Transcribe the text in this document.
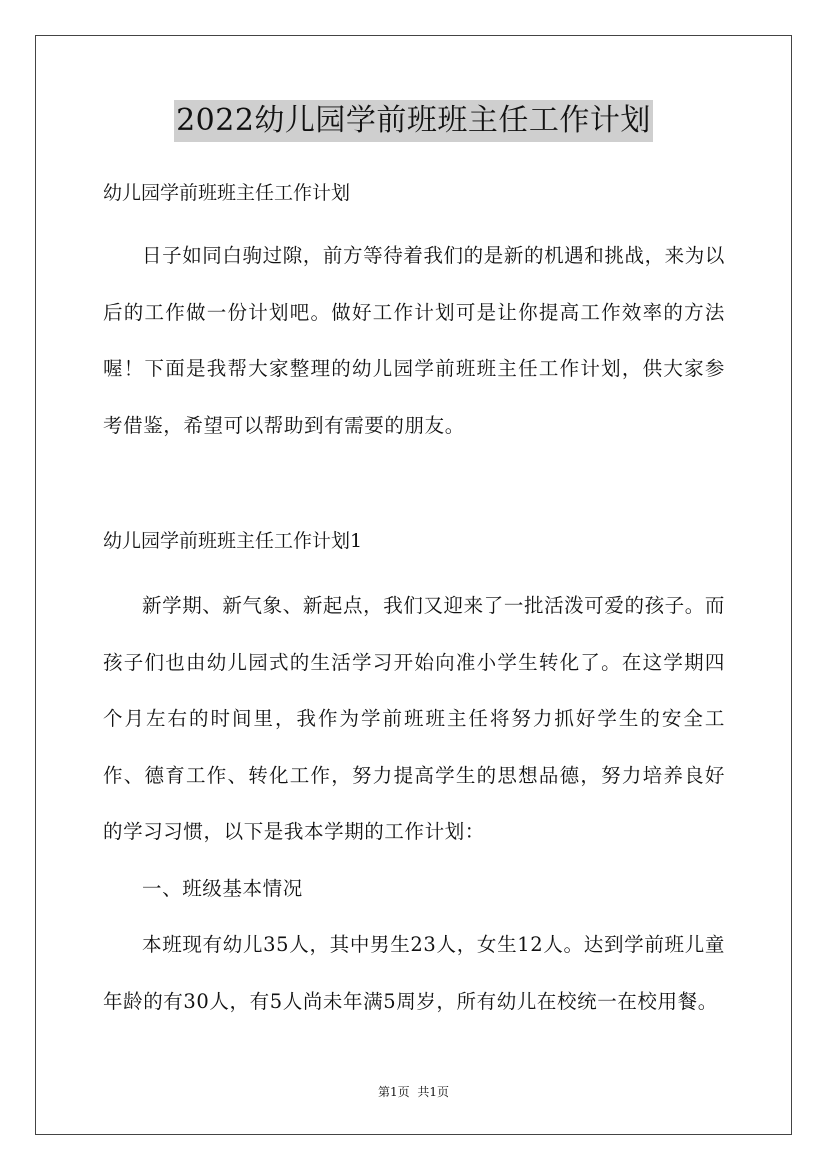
2022幼儿园学前班班主任工作计划

幼儿园学前班班主任工作计划

日子如同白驹过隙，前方等待着我们的是新的机遇和挑战，来为以后的工作做一份计划吧。做好工作计划可是让你提高工作效率的方法喔！下面是我帮大家整理的幼儿园学前班班主任工作计划，供大家参考借鉴，希望可以帮助到有需要的朋友。

幼儿园学前班班主任工作计划1

新学期、新气象、新起点，我们又迎来了一批活泼可爱的孩子。而孩子们也由幼儿园式的生活学习开始向准小学生转化了。在这学期四个月左右的时间里，我作为学前班班主任将努力抓好学生的安全工作、德育工作、转化工作，努力提高学生的思想品德，努力培养良好的学习习惯，以下是我本学期的工作计划：

一、班级基本情况

本班现有幼儿35人，其中男生23人，女生12人。达到学前班儿童年龄的有30人，有5人尚未年满5周岁，所有幼儿在校统一在校用餐。

第1页 共1页
